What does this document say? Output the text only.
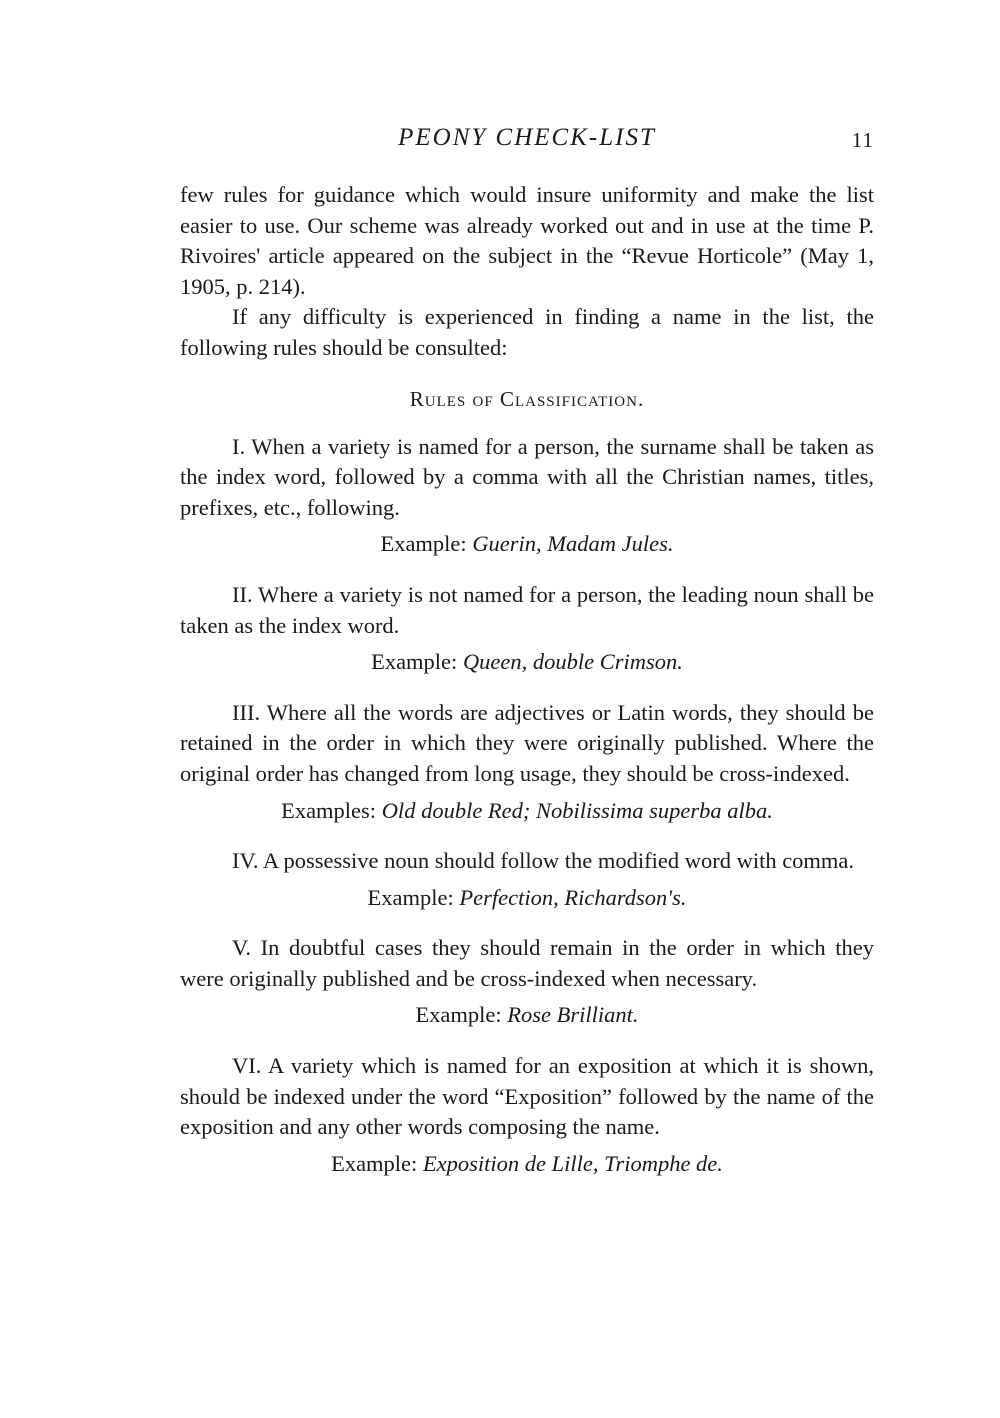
PEONY CHECK-LIST	11

few rules for guidance which would insure uniformity and make the list easier to use. Our scheme was already worked out and in use at the time P. Rivoires' article appeared on the subject in the “Revue Horticole” (May 1, 1905, p. 214).

If any difficulty is experienced in finding a name in the list, the following rules should be consulted:

Rules of Classification.

I. When a variety is named for a person, the surname shall be taken as the index word, followed by a comma with all the Christian names, titles, prefixes, etc., following.

Example: Guerin, Madam Jules.

II. Where a variety is not named for a person, the leading noun shall be taken as the index word.

Example: Queen, double Crimson.

III. Where all the words are adjectives or Latin words, they should be retained in the order in which they were originally published. Where the original order has changed from long usage, they should be cross-indexed.

Examples: Old double Red; Nobilissima superba alba.

IV. A possessive noun should follow the modified word with comma.

Example: Perfection, Richardson's.

V. In doubtful cases they should remain in the order in which they were originally published and be cross-indexed when necessary.

Example: Rose Brilliant.

VI. A variety which is named for an exposition at which it is shown, should be indexed under the word “Exposition” followed by the name of the exposition and any other words composing the name.

Example: Exposition de Lille, Triomphe de.
